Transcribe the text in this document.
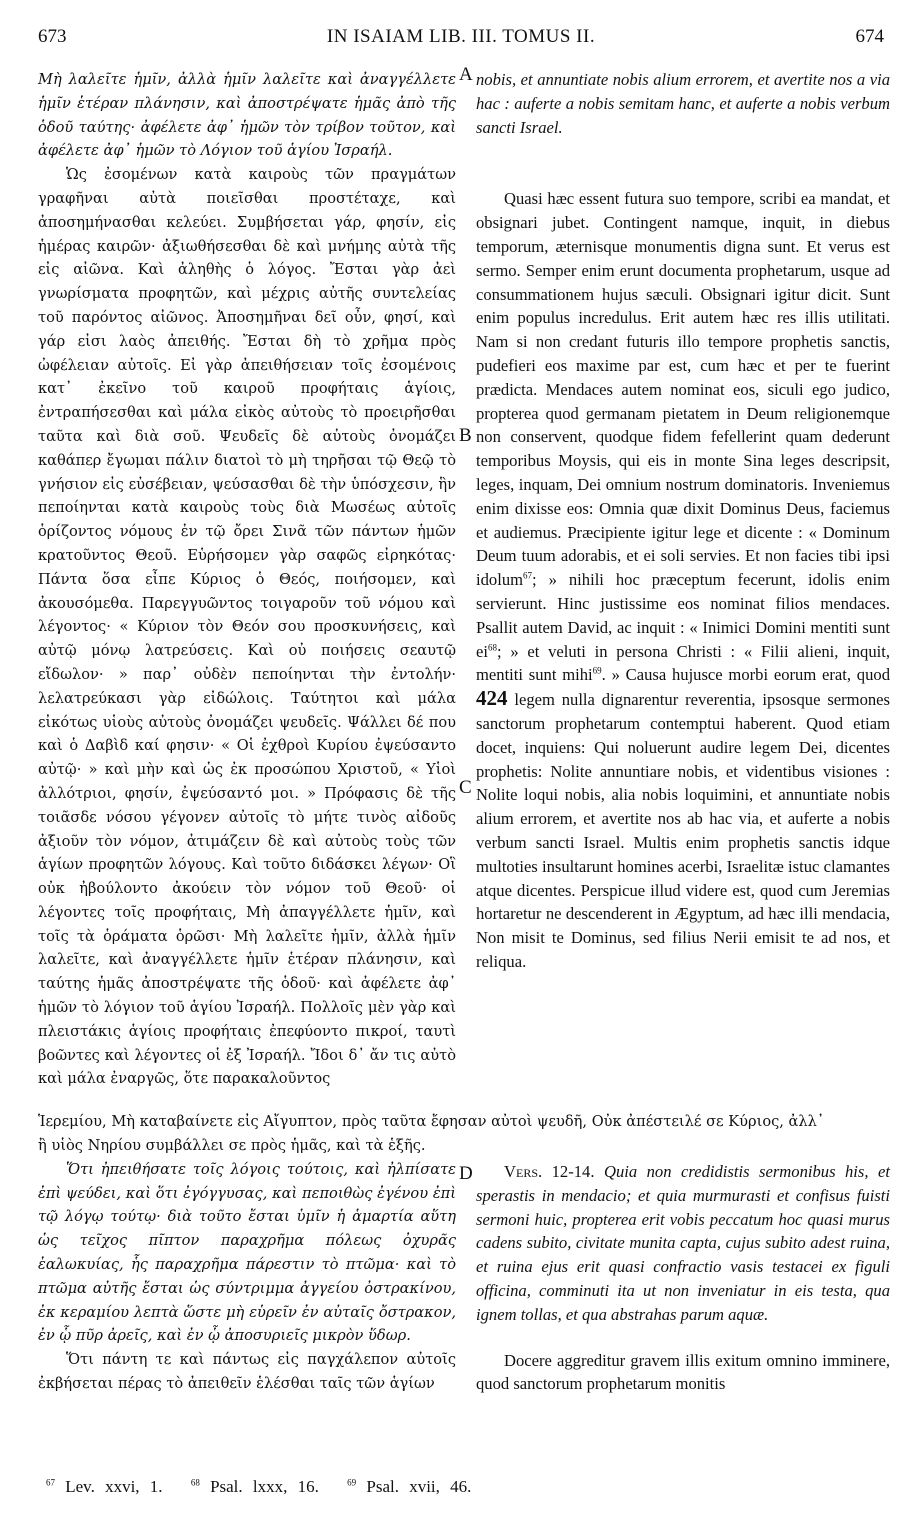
673	IN ISAIAM LIB. III. TOMUS II.	674
A
B
C
D

Μὴ λαλεῖτε ἡμῖν, ἀλλὰ ἡμῖν λαλεῖτε καὶ ἀναγγέλλετε ἡμῖν ἑτέραν πλάνησιν, καὶ ἀποστρέψατε ἡμᾶς ἀπὸ τῆς ὁδοῦ ταύτης· ἀφέλετε ἀφ᾽ ἡμῶν τὸν τρίβον τοῦτον, καὶ ἀφέλετε ἀφ᾽ ἡμῶν τὸ Λόγιον τοῦ ἁγίου Ἰσραήλ.

Ὡς ἐσομένων κατὰ καιροὺς τῶν πραγμάτων γραφῆναι αὐτὰ ποιεῖσθαι προστέταχε, καὶ ἀποσημήνασθαι κελεύει. Συμβήσεται γάρ, φησίν, εἰς ἡμέρας καιρῶν· ἀξιωθήσεσθαι δὲ καὶ μνήμης αὐτὰ τῆς εἰς αἰῶνα. Καὶ ἀληθὴς ὁ λόγος. Ἔσται γὰρ ἀεὶ γνωρίσματα προφητῶν, καὶ μέχρις αὐτῆς συντελείας τοῦ παρόντος αἰῶνος. Ἀποσημῆναι δεῖ οὖν, φησί, καὶ γάρ εἰσι λαὸς ἀπειθής. Ἔσται δὴ τὸ χρῆμα πρὸς ὠφέλειαν αὐτοῖς. Εἰ γὰρ ἀπειθήσειαν τοῖς ἐσομένοις κατ᾽ ἐκεῖνο τοῦ καιροῦ προφήταις ἁγίοις, ἐντραπήσεσθαι καὶ μάλα εἰκὸς αὐτοὺς τὸ προειρῆσθαι ταῦτα καὶ διὰ σοῦ. Ψευδεῖς δὲ αὐτοὺς ὀνομάζει καθάπερ ἔγωμαι πάλιν διατοὶ τὸ μὴ τηρῆσαι τῷ Θεῷ τὸ γνήσιον εἰς εὐσέβειαν, ψεύσασθαι δὲ τὴν ὑπόσχεσιν, ἣν πεποίηνται κατὰ καιροὺς τοὺς διὰ Μωσέως αὐτοῖς ὁρίζοντος νόμους ἐν τῷ ὄρει Σινᾶ τῶν πάντων ἡμῶν κρατοῦντος Θεοῦ. Εὑρήσομεν γὰρ σαφῶς εἰρηκότας· Πάντα ὅσα εἶπε Κύριος ὁ Θεός, ποιήσομεν, καὶ ἀκουσόμεθα. Παρεγγυῶντος τοιγαροῦν τοῦ νόμου καὶ λέγοντος· « Κύριον τὸν Θεόν σου προσκυνήσεις, καὶ αὐτῷ μόνῳ λατρεύσεις. Καὶ οὐ ποιήσεις σεαυτῷ εἴδωλον· » παρ᾽ οὐδὲν πεποίηνται τὴν ἐντολήν· λελατρεύκασι γὰρ εἰδώλοις. Ταύτητοι καὶ μάλα εἰκότως υἱοὺς αὐτοὺς ὀνομάζει ψευδεῖς. Ψάλλει δέ που καὶ ὁ Δαβὶδ καί φησιν· « Οἱ ἐχθροὶ Κυρίου ἐψεύσαντο αὐτῷ· » καὶ μὴν καὶ ὡς ἐκ προσώπου Χριστοῦ, « Υἱοὶ ἀλλότριοι, φησίν, ἐψεύσαντό μοι. » Πρόφασις δὲ τῆς τοιᾶσδε νόσου γέγονεν αὐτοῖς τὸ μήτε τινὸς αἰδοῦς ἀξιοῦν τὸν νόμον, ἀτιμάζειν δὲ καὶ αὐτοὺς τοὺς τῶν ἁγίων προφητῶν λόγους. Καὶ τοῦτο διδάσκει λέγων· Οἳ οὐκ ἠβούλοντο ἀκούειν τὸν νόμον τοῦ Θεοῦ· οἱ λέγοντες τοῖς προφήταις, Μὴ ἀπαγγέλλετε ἡμῖν, καὶ τοῖς τὰ ὁράματα ὁρῶσι· Μὴ λαλεῖτε ἡμῖν, ἀλλὰ ἡμῖν λαλεῖτε, καὶ ἀναγγέλλετε ἡμῖν ἑτέραν πλάνησιν, καὶ ταύτης ἡμᾶς ἀποστρέψατε τῆς ὁδοῦ· καὶ ἀφέλετε ἀφ᾽ ἡμῶν τὸ λόγιον τοῦ ἁγίου Ἰσραήλ. Πολλοῖς μὲν γὰρ καὶ πλειστάκις ἁγίοις προφήταις ἐπεφύοντο πικροί, ταυτὶ βοῶντες καὶ λέγοντες οἱ ἐξ Ἰσραήλ. Ἴδοι δ᾽ ἄν τις αὐτὸ καὶ μάλα ἐναργῶς, ὅτε παρακαλοῦντος

nobis, et annuntiate nobis alium errorem, et avertite nos a via hac : auferte a nobis semitam hanc, et auferte a nobis verbum sancti Israel.

Quasi hæc essent futura suo tempore, scribi ea mandat, et obsignari jubet. Contingent namque, inquit, in diebus temporum, æternisque monumentis digna sunt. Et verus est sermo. Semper enim erunt documenta prophetarum, usque ad consummationem hujus sæculi. Obsignari igitur dicit. Sunt enim populus incredulus. Erit autem hæc res illis utilitati. Nam si non credant futuris illo tempore prophetis sanctis, pudefieri eos maxime par est, cum hæc et per te fuerint prædicta. Mendaces autem nominat eos, siculi ego judico, propterea quod germanam pietatem in Deum religionemque non conservent, quodque fidem fefellerint quam dederunt temporibus Moysis, qui eis in monte Sina leges descripsit, leges, inquam, Dei omnium nostrum dominatoris. Inveniemus enim dixisse eos: Omnia quæ dixit Dominus Deus, faciemus et audiemus. Præcipiente igitur lege et dicente : « Dominum Deum tuum adorabis, et ei soli servies. Et non facies tibi ipsi idolum$^{67}$; » nihili hoc præceptum fecerunt, idolis enim servierunt. Hinc justissime eos nominat filios mendaces. Psallit autem David, ac inquit : « Inimici Domini mentiti sunt $ei^{68}$; » et veluti in persona Christi : « Filii alieni, inquit, mentiti sunt mihi$^{69}$. » Causa hujusce morbi eorum erat, quod 424 legem nulla dignarentur reverentia, ipsosque sermones sanctorum prophetarum contemptui haberent. Quod etiam docet, inquiens: Qui noluerunt audire legem Dei, dicentes prophetis: Nolite annuntiare nobis, et videntibus visiones : Nolite loqui nobis, alia nobis loquimini, et annuntiate nobis alium errorem, et avertite nos ab hac via, et auferte a nobis verbum sancti Israel. Multis enim prophetis sanctis idque multoties insultarunt homines acerbi, Israelitæ istuc clamantes atque dicentes. Perspicue illud videre est, quod cum Jeremias hortaretur ne descenderent in Ægyptum, ad hæc illi mendacia, Non misit te Dominus, sed filius Nerii emisit te ad nos, et reliqua.

Ἱερεμίου, Μὴ καταβαίνετε εἰς Αἴγυπτον, πρὸς ταῦτα ἔφησαν αὐτοὶ ψευδῆ, Οὐκ ἀπέστειλέ σε Κύριος, ἀλλ᾽

ἢ υἱὸς Νηρίου συμβάλλει σε πρὸς ἡμᾶς, καὶ τὰ ἑξῆς.

Ὅτι ἠπειθήσατε τοῖς λόγοις τούτοις, καὶ ἠλπίσατε ἐπὶ ψεύδει, καὶ ὅτι ἐγόγγυσας, καὶ πεποιθὼς ἐγένου ἐπὶ τῷ λόγῳ τούτῳ· διὰ τοῦτο ἔσται ὑμῖν ἡ ἁμαρτία αὕτη ὡς τεῖχος πῖπτον παραχρῆμα πόλεως ὀχυρᾶς ἑαλωκυίας, ἧς παραχρῆμα πάρεστιν τὸ πτῶμα· καὶ τὸ πτῶμα αὐτῆς ἔσται ὡς σύντριμμα ἀγγείου ὀστρακίνου, ἐκ κεραμίου λεπτὰ ὥστε μὴ εὑρεῖν ἐν αὐταῖς ὄστρακον, ἐν ᾧ πῦρ ἀρεῖς, καὶ ἐν ᾧ ἀποσυριεῖς μικρὸν ὕδωρ.

Ὅτι πάντη τε καὶ πάντως εἰς παγχάλεπον αὐτοῖς ἐκβήσεται πέρας τὸ ἀπειθεῖν ἑλέσθαι ταῖς τῶν ἁγίων

Vers. 12-14. Quia non credidistis sermonibus his, et sperastis in mendacio; et quia murmurasti et confisus fuisti sermoni huic, propterea erit vobis peccatum hoc quasi murus cadens subito, civitate munita capta, cujus subito adest ruina, et ruina ejus erit quasi confractio vasis testacei ex figuli officina, comminuti ita ut non inveniatur in eis testa, qua ignem tollas, et qua abstrahas parum aquæ.

Docere aggreditur gravem illis exitum omnino imminere, quod sanctorum prophetarum monitis

$^{67}$ Lev. xxvi, 1.	$^{68}$ Psal. lxxx, 16.	$^{69}$ Psal. xvii, 46.
